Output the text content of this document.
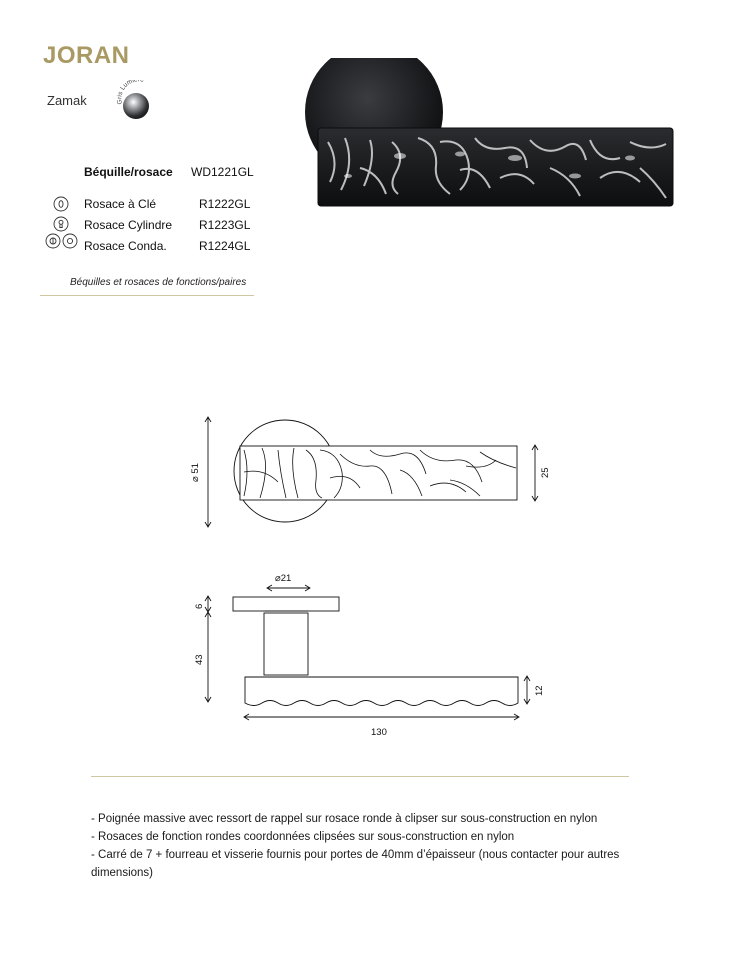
JORAN
Zamak	Gris Lumiè e
Béquille/rosace WD1221GL
Rosace à Clé	R1222GL
Rosace Cylindre R1223GL
Rosace Conda.	R1224GL
Béquilles et rosaces de fonctions/paires
⌀ 51	25
⌀21
6
43
12
130
- Poignée massive avec ressort de rappel sur rosace ronde à clipser sur sous-construction en nylon
- Rosaces de fonction rondes coordonnées clipsées sur sous-construction en nylon
- Carré de 7 + fourreau et visserie fournis pour portes de 40mm d’épaisseur (nous contacter pour autres dimensions)
